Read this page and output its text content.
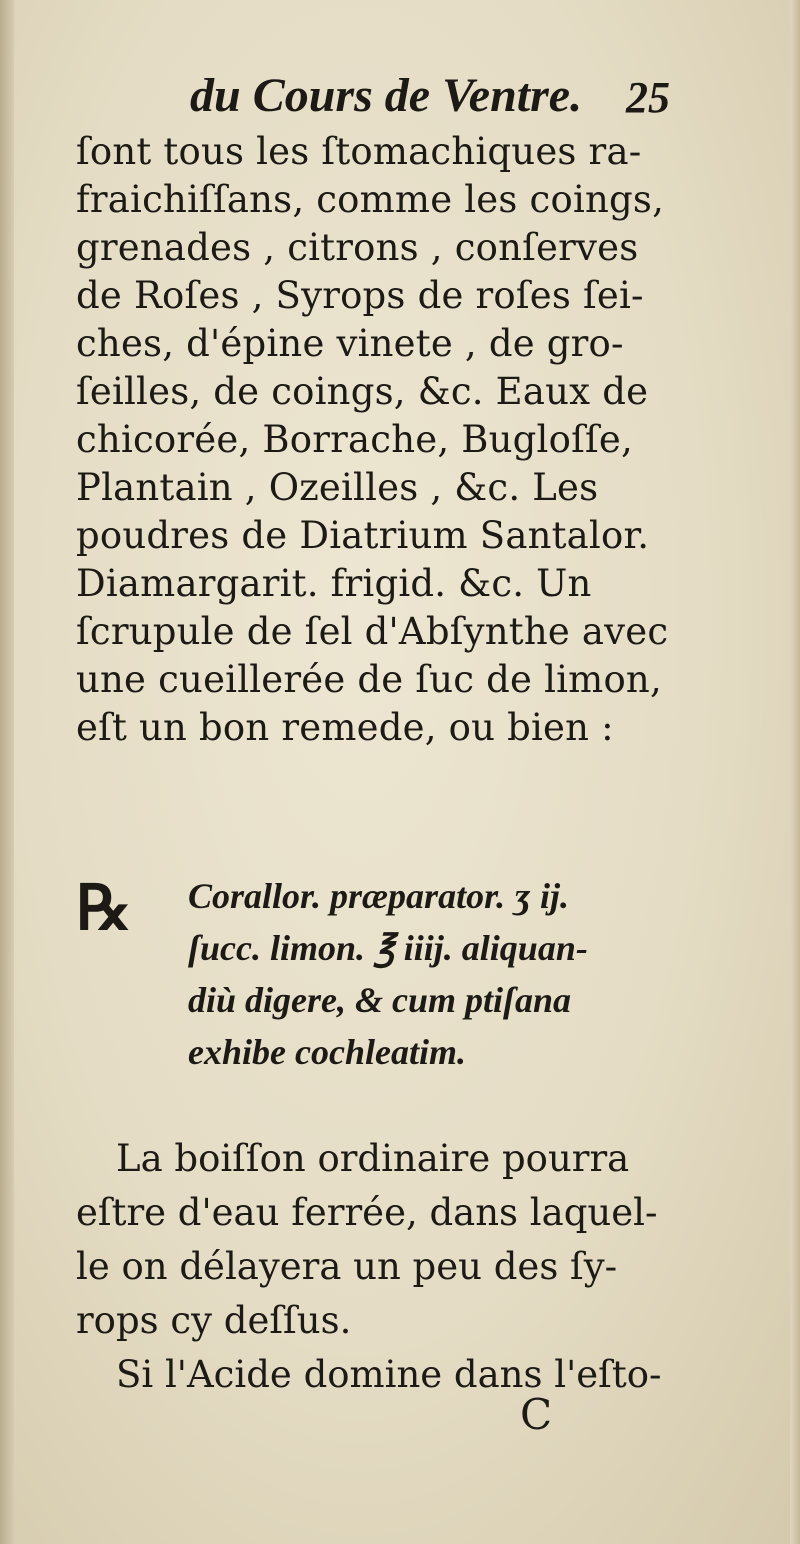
du Cours de Ventre. 25
ſont tous les ſtomachiques ra-
fraichiſſans, comme les coings,
grenades , citrons , conſerves
de Roſes , Syrops de roſes ſei-
ches, d'épine vinete , de gro-
ſeilles, de coings, &c. Eaux de
chicorée, Borrache, Bugloſſe,
Plantain , Ozeilles , &c. Les
poudres de Diatrium Santalor.
Diamargarit. frigid. &c. Un
ſcrupule de ſel d'Abſynthe avec
une cueillerée de ſuc de limon,
eſt un bon remede, ou bien :
℞ Corallor. præparator. ʒ ij.
ſucc. limon. ℥ iiij. aliquan-
diù digere, & cum ptiſana
exhibe cochleatim.
La boiſſon ordinaire pourra
eſtre d'eau ferrée, dans laquel-
le on délayera un peu des ſy-
rops cy deſſus.
Si l'Acide domine dans l'eſto-
C
